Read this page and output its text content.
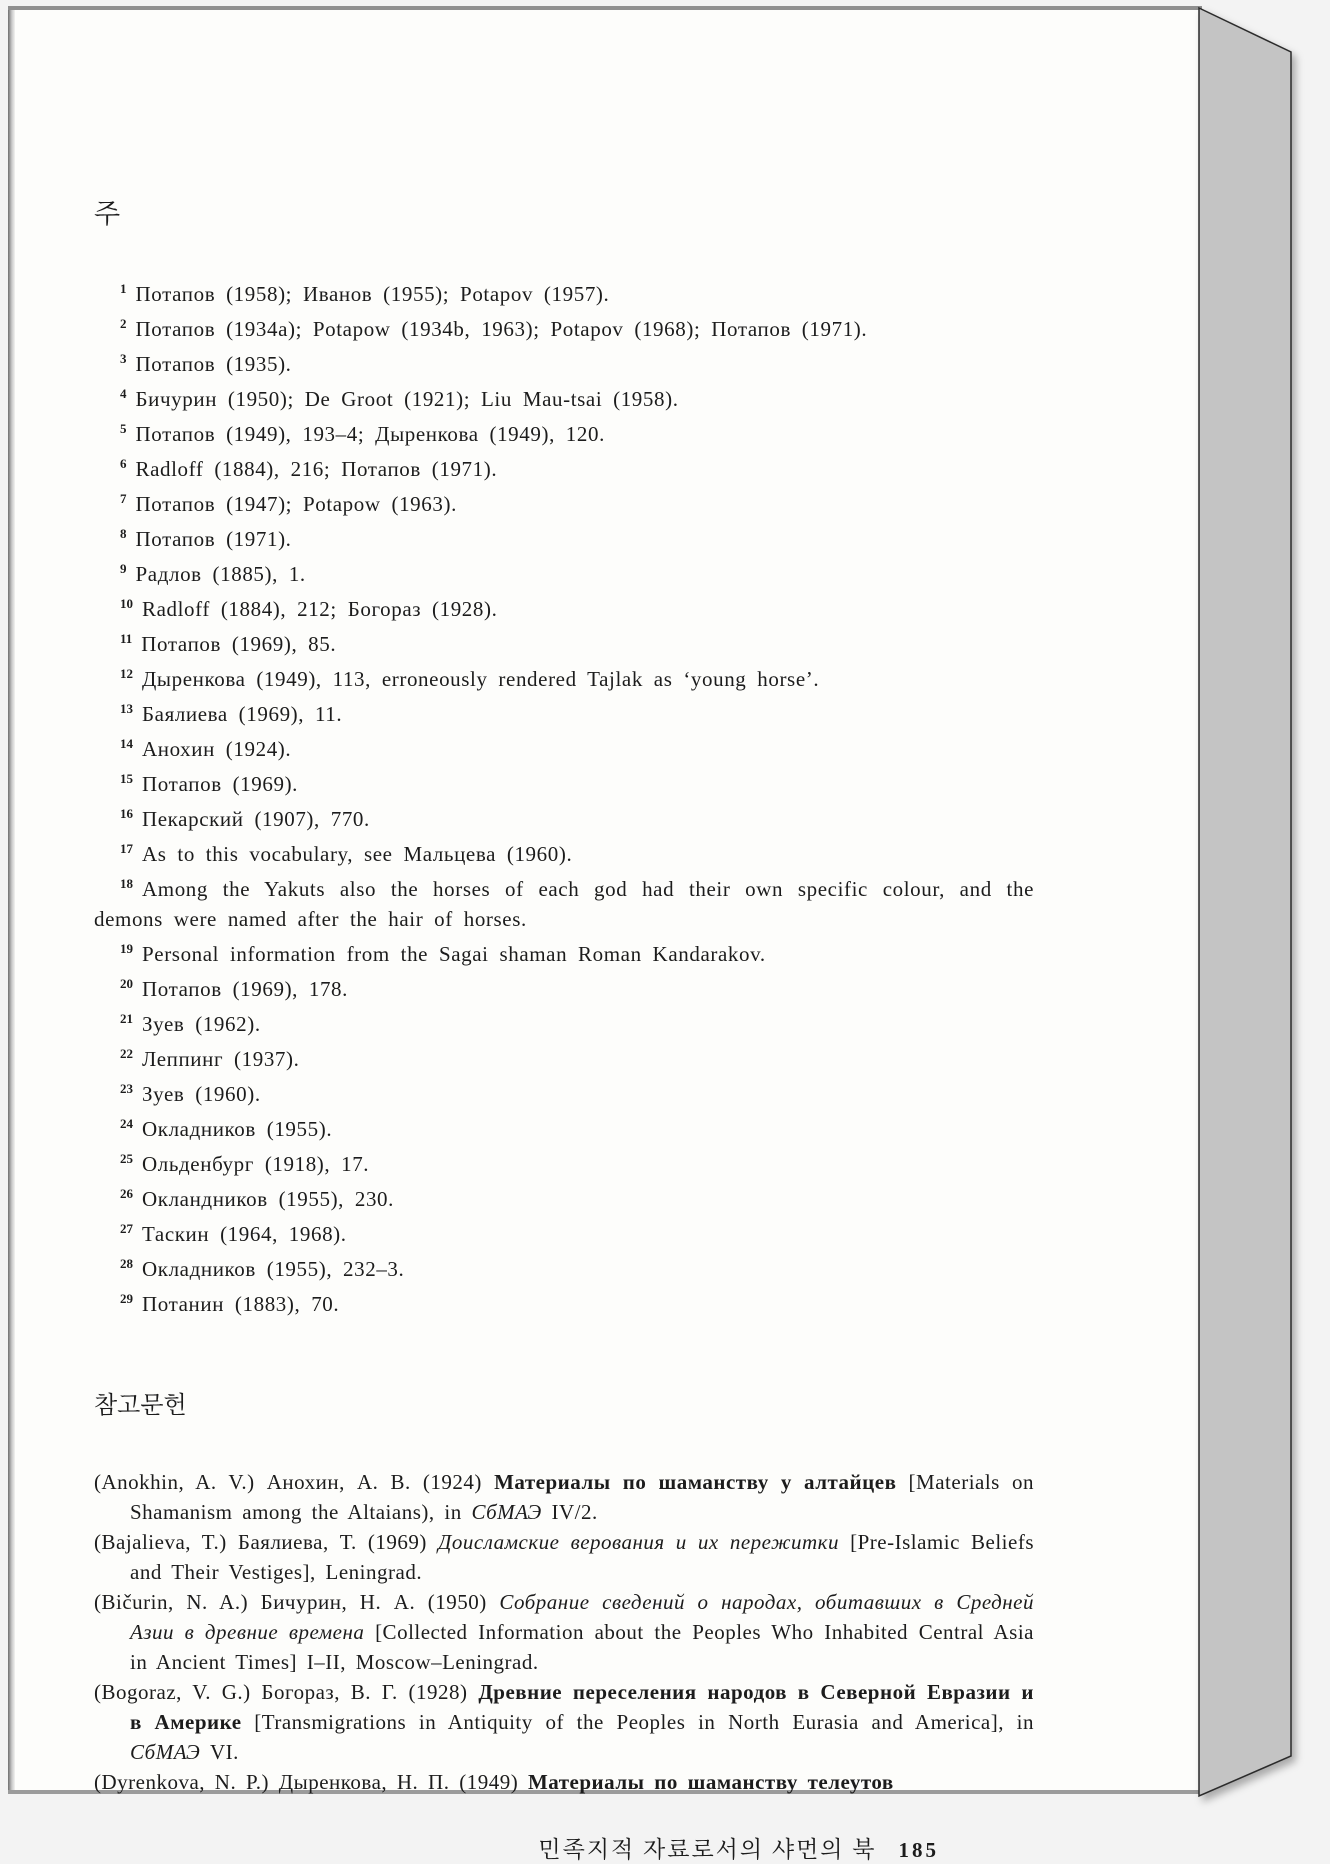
주

$^1$ Потапов (1958); Иванов (1955); Potapov (1957).

$^2$ Потапов (1934a); Potapow (1934b, 1963); Potapov (1968); Потапов (1971).

$^3$ Потапов (1935).

$^4$ Бичурин (1950); De Groot (1921); Liu Mau-tsai (1958).

$^5$ Потапов (1949), 193–4; Дыренкова (1949), 120.

$^6$ Radloff (1884), 216; Потапов (1971).

$^7$ Потапов (1947); Potapow (1963).

$^8$ Потапов (1971).

$^9$ Радлов (1885), 1.

$^{10}$ Radloff (1884), 212; Богораз (1928).

$^{11}$ Потапов (1969), 85.

$^{12}$ Дыренкова (1949), 113, erroneously rendered Tajlak as ‘young horse’.

$^{13}$ Баялиева (1969), 11.

$^{14}$ Анохин (1924).

$^{15}$ Потапов (1969).

$^{16}$ Пекарский (1907), 770.

$^{17}$ As to this vocabulary, see Мальцева (1960).

$^{18}$ Among the Yakuts also the horses of each god had their own specific colour, and the demons were named after the hair of horses.

$^{19}$ Personal information from the Sagai shaman Roman Kandarakov.

$^{20}$ Потапов (1969), 178.

$^{21}$ Зуев (1962).

$^{22}$ Леппинг (1937).

$^{23}$ Зуев (1960).

$^{24}$ Окладников (1955).

$^{25}$ Ольденбург (1918), 17.

$^{26}$ Окландников (1955), 230.

$^{27}$ Таскин (1964, 1968).

$^{28}$ Окладников (1955), 232–3.

$^{29}$ Потанин (1883), 70.

참고문헌

(Anokhin, A. V.) Анохин, А. В. (1924) Материалы по шаманству у алтайцев [Materials on Shamanism among the Altaians), in СбМАЭ IV/2.

(Bajalieva, T.) Баялиева, Т. (1969) Доисламские верования и их пережитки [Pre-Islamic Beliefs and Their Vestiges], Leningrad.

(Bičurin, N. A.) Бичурин, Н. А. (1950) Собрание сведений о народах, обитавших в Средней Азии в древние времена [Collected Information about the Peoples Who Inhabited Central Asia in Ancient Times] I–II, Moscow–Leningrad.

(Bogoraz, V. G.) Богораз, В. Г. (1928) Древние переселения народов в Северной Евразии и в Америке [Transmigrations in Antiquity of the Peoples in North Eurasia and America], in СбМАЭ VI.

(Dyrenkova, N. P.) Дыренкова, Н. П. (1949) Материалы по шаманству телеутов

민족지적 자료로서의 샤먼의 북 185
